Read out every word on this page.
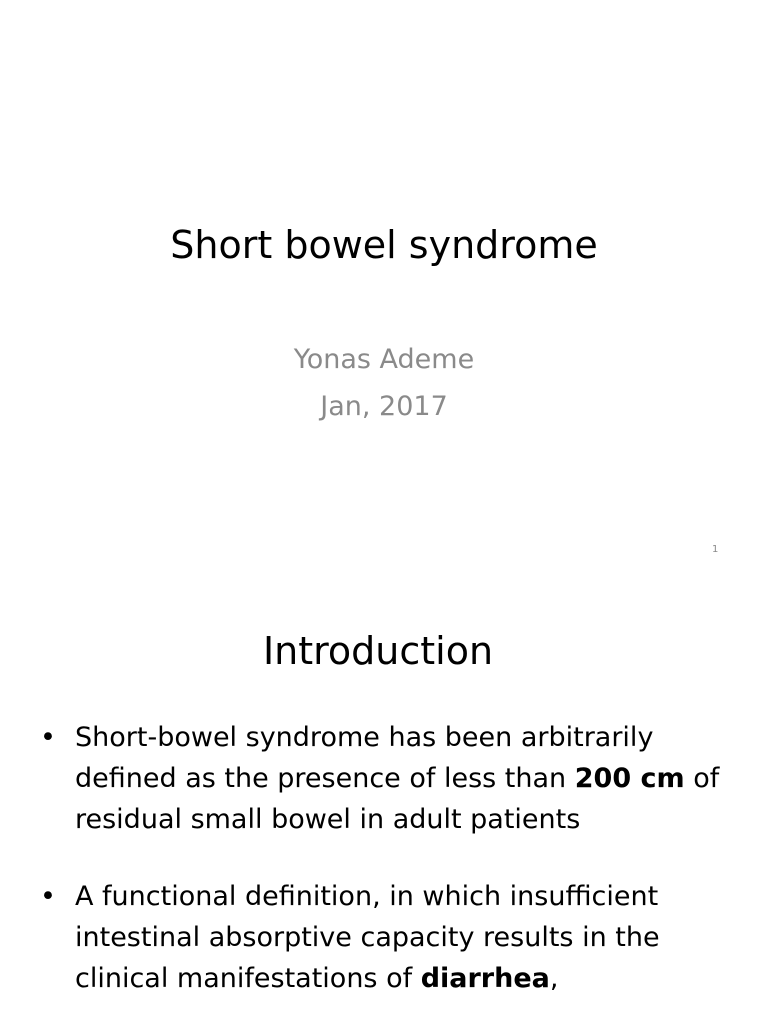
Short bowel syndrome
Yonas Ademe
Jan, 2017
1
Introduction
• Short-bowel syndrome has been arbitrarily
defined as the presence of less than 200 cm of
residual small bowel in adult patients
• A functional definition, in which insufficient
intestinal absorptive capacity results in the
clinical manifestations of diarrhea,
